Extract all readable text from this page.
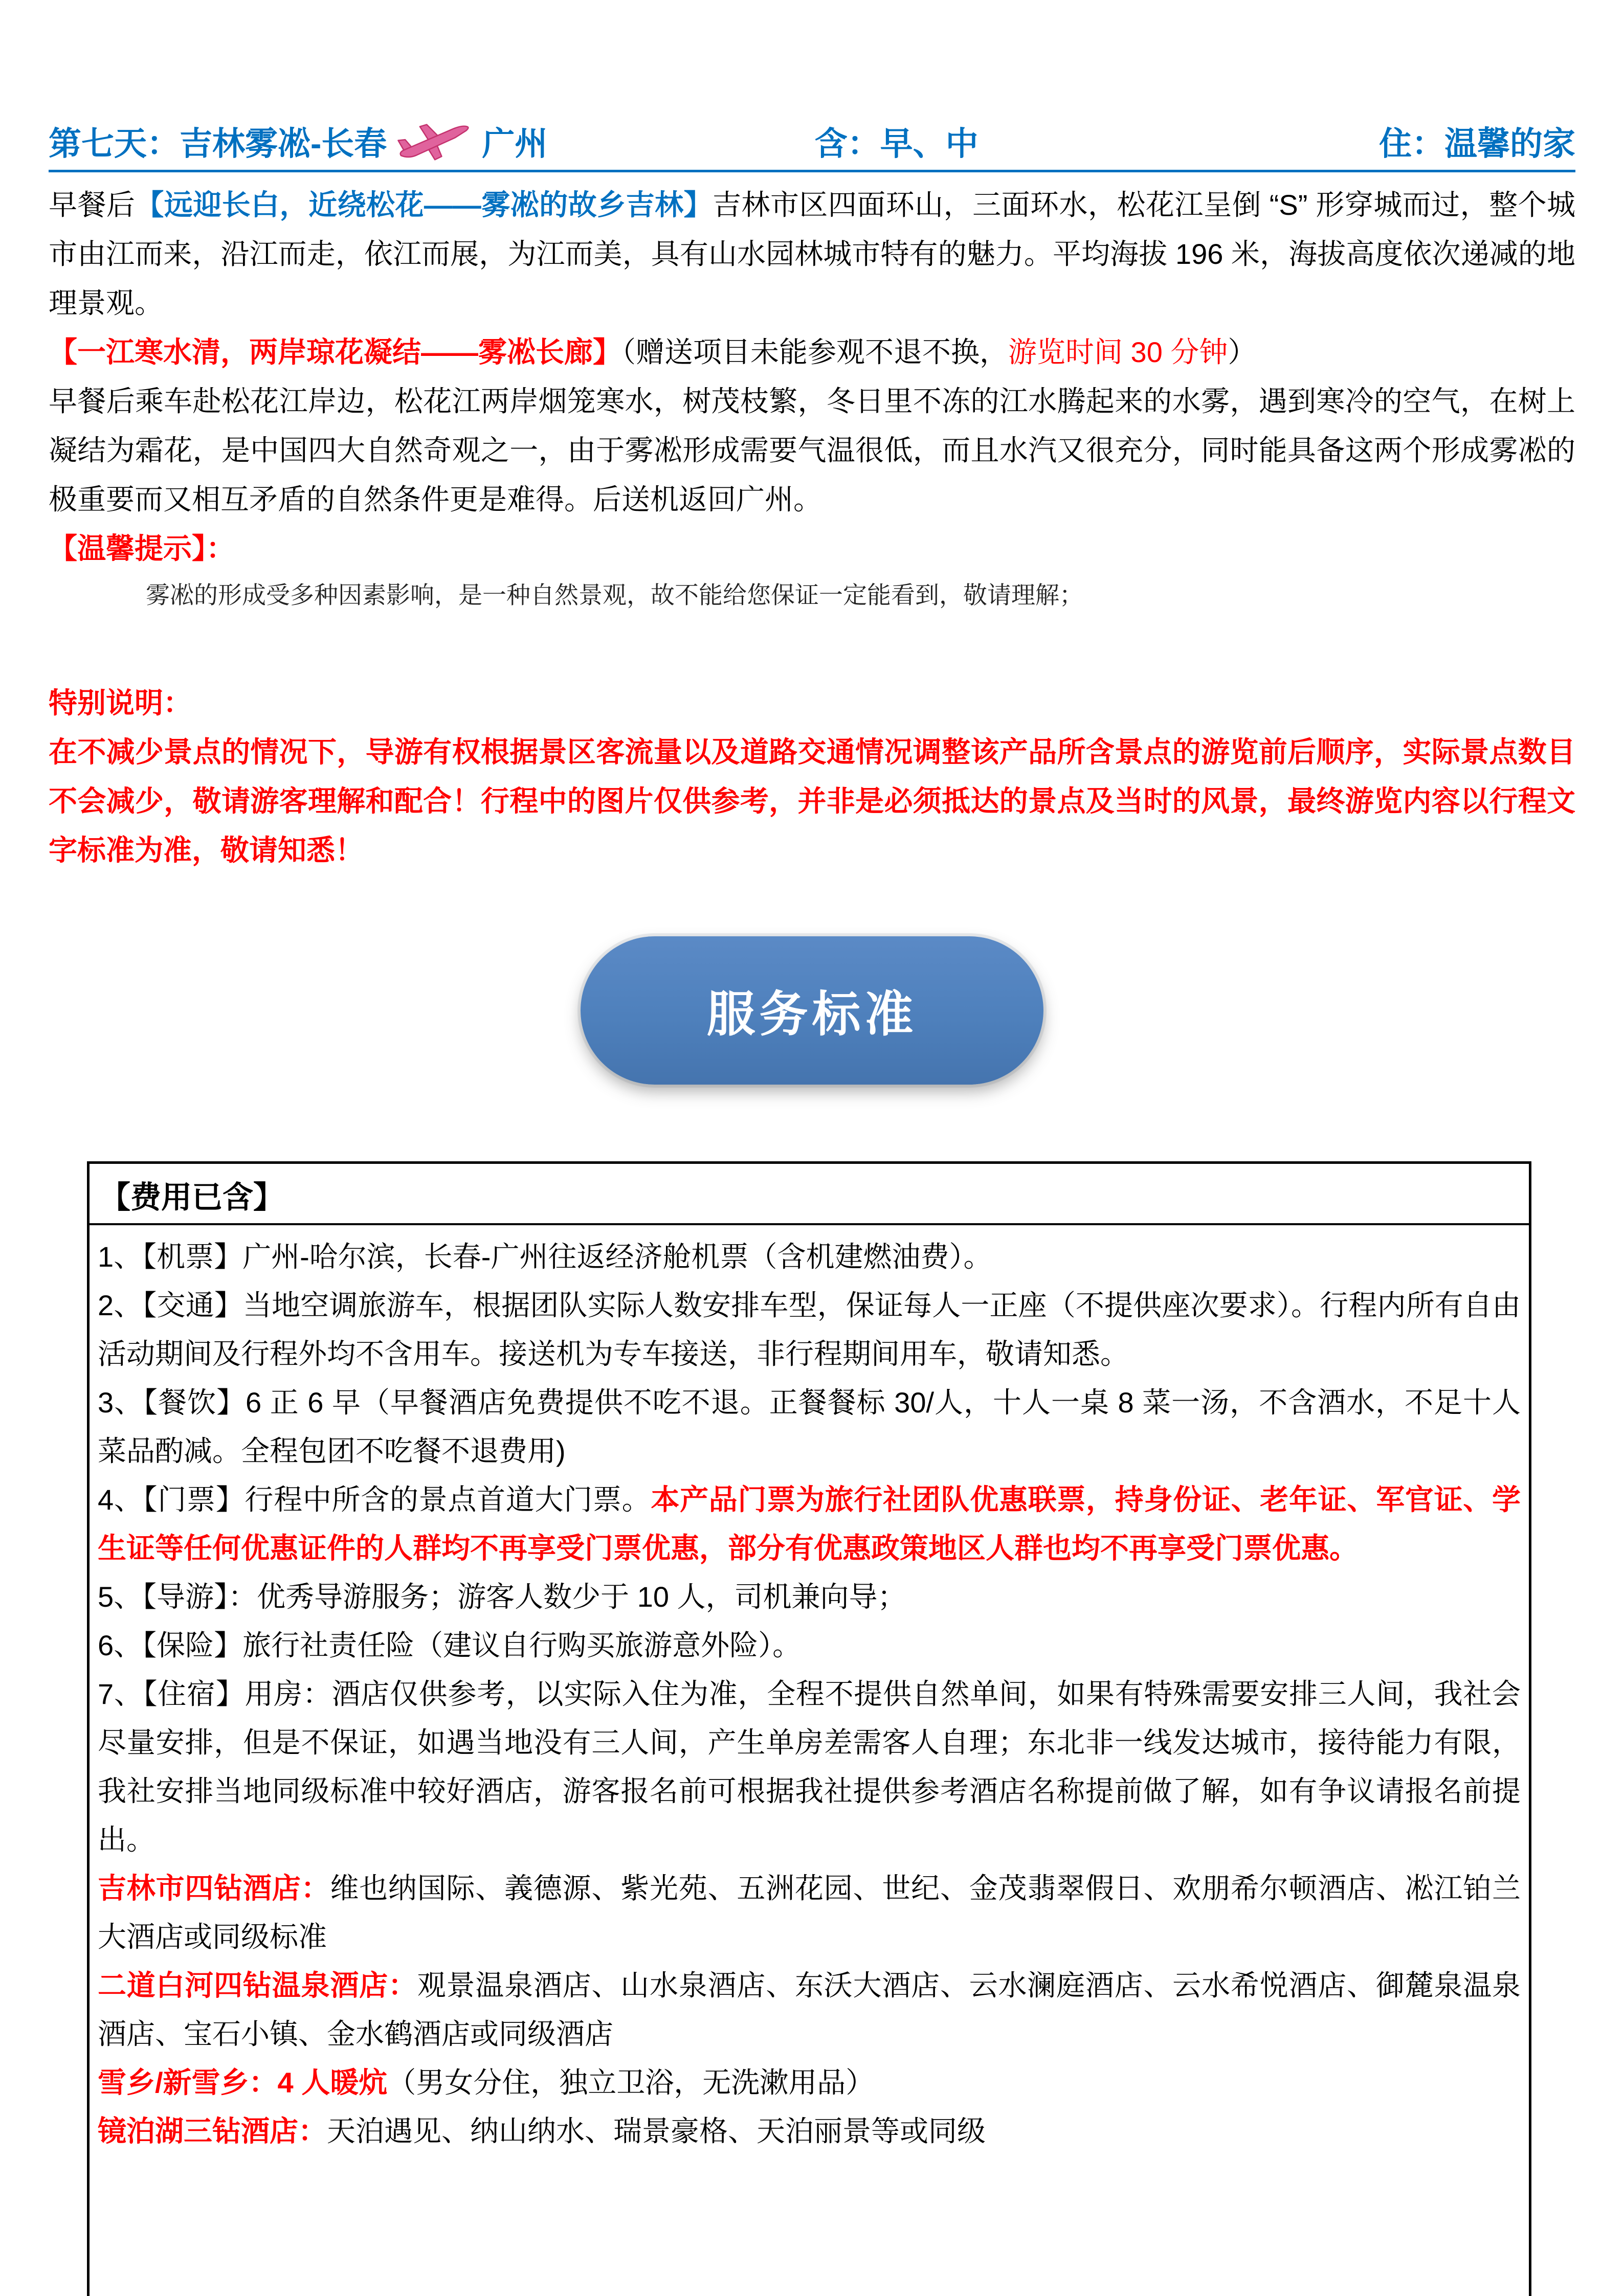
第七天：吉林雾凇-长春	广州	含：早、中	住：温馨的家

早餐后【远迎长白，近绕松花——雾凇的故乡吉林】吉林市区四面环山，三面环水，松花江呈倒 “S” 形穿城而过，整个城市由江而来，沿江而走，依江而展，为江而美，具有山水园林城市特有的魅力。平均海拔 196 米，海拔高度依次递减的地理景观。

【一江寒水清，两岸琼花凝结——雾凇长廊】（赠送项目未能参观不退不换，游览时间 30 分钟）

早餐后乘车赴松花江岸边，松花江两岸烟笼寒水，树茂枝繁，冬日里不冻的江水腾起来的水雾，遇到寒冷的空气，在树上凝结为霜花，是中国四大自然奇观之一，由于雾凇形成需要气温很低，而且水汽又很充分，同时能具备这两个形成雾凇的极重要而又相互矛盾的自然条件更是难得。后送机返回广州。

【温馨提示】：

雾凇的形成受多种因素影响，是一种自然景观，故不能给您保证一定能看到，敬请理解；

特别说明：

在不减少景点的情况下，导游有权根据景区客流量以及道路交通情况调整该产品所含景点的游览前后顺序，实际景点数目不会减少，敬请游客理解和配合！行程中的图片仅供参考，并非是必须抵达的景点及当时的风景，最终游览内容以行程文字标准为准，敬请知悉！

服务标准
【费用已含】

1、【机票】广州-哈尔滨，长春-广州往返经济舱机票（含机建燃油费）。

2、【交通】当地空调旅游车，根据团队实际人数安排车型，保证每人一正座（不提供座次要求）。行程内所有自由活动期间及行程外均不含用车。接送机为专车接送，非行程期间用车，敬请知悉。

3、【餐饮】6 正 6 早（早餐酒店免费提供不吃不退。正餐餐标 30/人，十人一桌 8 菜一汤，不含酒水，不足十人菜品酌减。全程包团不吃餐不退费用)

4、【门票】行程中所含的景点首道大门票。本产品门票为旅行社团队优惠联票，持身份证、老年证、军官证、学生证等任何优惠证件的人群均不再享受门票优惠，部分有优惠政策地区人群也均不再享受门票优惠。

5、【导游】：优秀导游服务；游客人数少于 10 人，司机兼向导；

6、【保险】旅行社责任险（建议自行购买旅游意外险）。

7、【住宿】用房：酒店仅供参考，以实际入住为准，全程不提供自然单间，如果有特殊需要安排三人间，我社会尽量安排，但是不保证，如遇当地没有三人间，产生单房差需客人自理；东北非一线发达城市，接待能力有限，我社安排当地同级标准中较好酒店，游客报名前可根据我社提供参考酒店名称提前做了解，如有争议请报名前提出。

吉林市四钻酒店：维也纳国际、義德源、紫光苑、五洲花园、世纪、金茂翡翠假日、欢朋希尔顿酒店、凇江铂兰大酒店或同级标准

二道白河四钻温泉酒店：观景温泉酒店、山水泉酒店、东沃大酒店、云水澜庭酒店、云水希悦酒店、御麓泉温泉酒店、宝石小镇、金水鹤酒店或同级酒店

雪乡/新雪乡：4 人暖炕（男女分住，独立卫浴，无洗漱用品）

镜泊湖三钻酒店：天泊遇见、纳山纳水、瑞景豪格、天泊丽景等或同级
